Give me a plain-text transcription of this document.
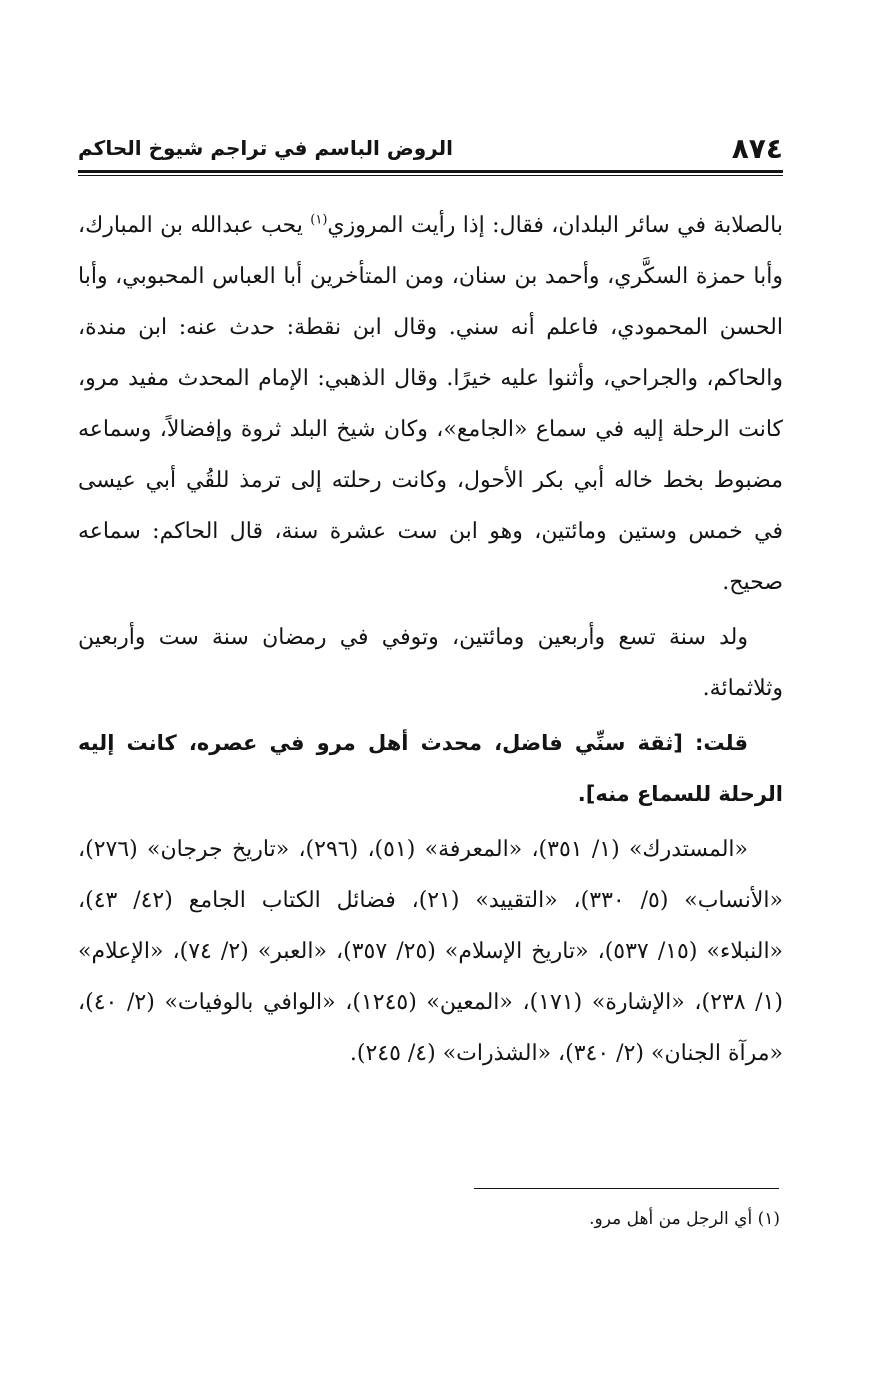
٨٧٤
الروض الباسم في تراجم شيوخ الحاكم

بالصلابة في سائر البلدان، فقال: إذا رأيت المروزي$^{(١)}$ يحب عبدالله بن المبارك، وأبا حمزة السكَّري، وأحمد بن سنان، ومن المتأخرين أبا العباس المحبوبي، وأبا الحسن المحمودي، فاعلم أنه سني. وقال ابن نقطة: حدث عنه: ابن مندة، والحاكم، والجراحي، وأثنوا عليه خيرًا. وقال الذهبي: الإمام المحدث مفيد مرو، كانت الرحلة إليه في سماع «الجامع»، وكان شيخ البلد ثروة وإفضالاً، وسماعه مضبوط بخط خاله أبي بكر الأحول، وكانت رحلته إلى ترمذ للقُي أبي عيسى في خمس وستين ومائتين، وهو ابن ست عشرة سنة، قال الحاكم: سماعه صحيح.

ولد سنة تسع وأربعين ومائتين، وتوفي في رمضان سنة ست وأربعين وثلاثمائة.

قلت: [ثقة سنِّي فاضل، محدث أهل مرو في عصره، كانت إليه الرحلة للسماع منه].

«المستدرك» (١/ ٣٥١)، «المعرفة» (٥١)، (٢٩٦)، «تاريخ جرجان» (٢٧٦)، «الأنساب» (٥/ ٣٣٠)، «التقييد» (٢١)، فضائل الكتاب الجامع (٤٢/ ٤٣)، «النبلاء» (١٥/ ٥٣٧)، «تاريخ الإسلام» (٢٥/ ٣٥٧)، «العبر» (٢/ ٧٤)، «الإعلام» (١/ ٢٣٨)، «الإشارة» (١٧١)، «المعين» (١٢٤٥)، «الوافي بالوفيات» (٢/ ٤٠)، «مرآة الجنان» (٢/ ٣٤٠)، «الشذرات» (٤/ ٢٤٥).

(١) أي الرجل من أهل مرو.
